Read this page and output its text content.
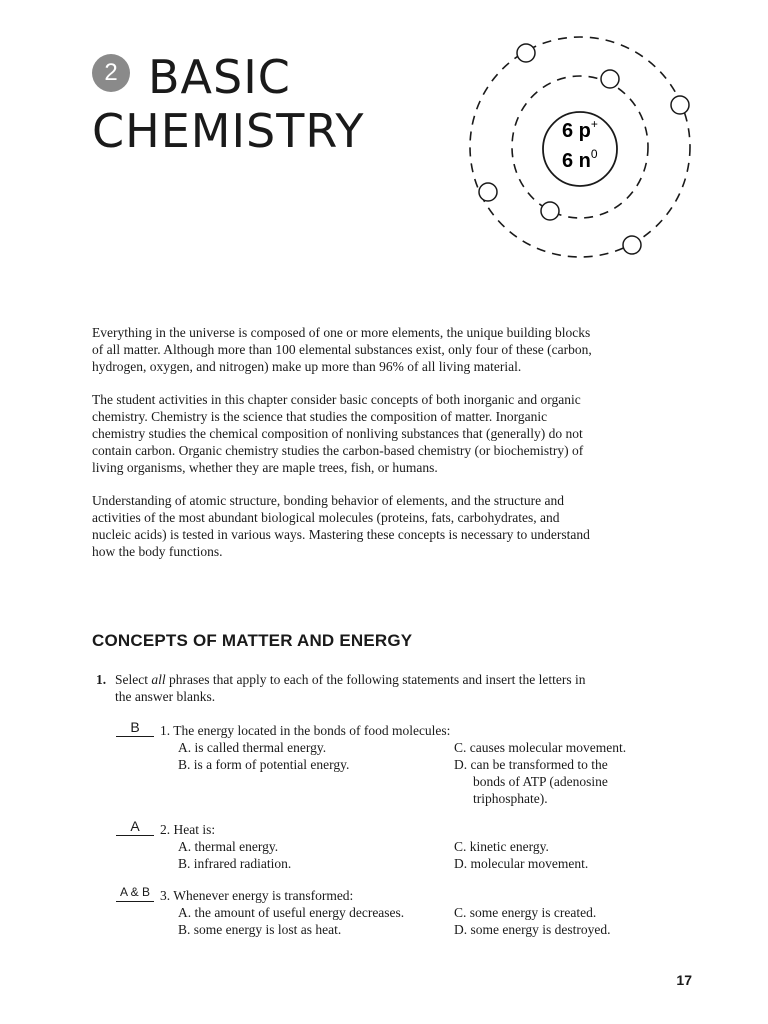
2 BASIC
CHEMISTRY	6 p+
6 $n^0$

Everything in the universe is composed of one or more elements, the unique building blocks of all matter. Although more than 100 elemental substances exist, only four of these (carbon, hydrogen, oxygen, and nitrogen) make up more than 96% of all living material.

The student activities in this chapter consider basic concepts of both inorganic and organic chemistry. Chemistry is the science that studies the composition of matter. Inorganic chemistry studies the chemical composition of nonliving substances that (generally) do not contain carbon. Organic chemistry studies the carbon-based chemistry (or biochemistry) of living organisms, whether they are maple trees, fish, or humans.

Understanding of atomic structure, bonding behavior of elements, and the structure and activities of the most abundant biological molecules (proteins, fats, carbohydrates, and nucleic acids) is tested in various ways. Mastering these concepts is necessary to understand how the body functions.

CONCEPTS OF MATTER AND ENERGY
1. Select all phrases that apply to each of the following statements and insert the letters in the answer blanks.
B	1. The energy located in the bonds of food molecules:
A. is called thermal energy.
B. is a form of potential energy.
C. causes molecular movement.
D. can be transformed to the
bonds of ATP (adenosine
triphosphate).
A	2. Heat is:
A. thermal energy.
B. infrared radiation.
C. kinetic energy.
D. molecular movement.
A & B 3. Whenever energy is transformed:
A. the amount of useful energy decreases.
B. some energy is lost as heat.
C. some energy is created.
D. some energy is destroyed.
17
